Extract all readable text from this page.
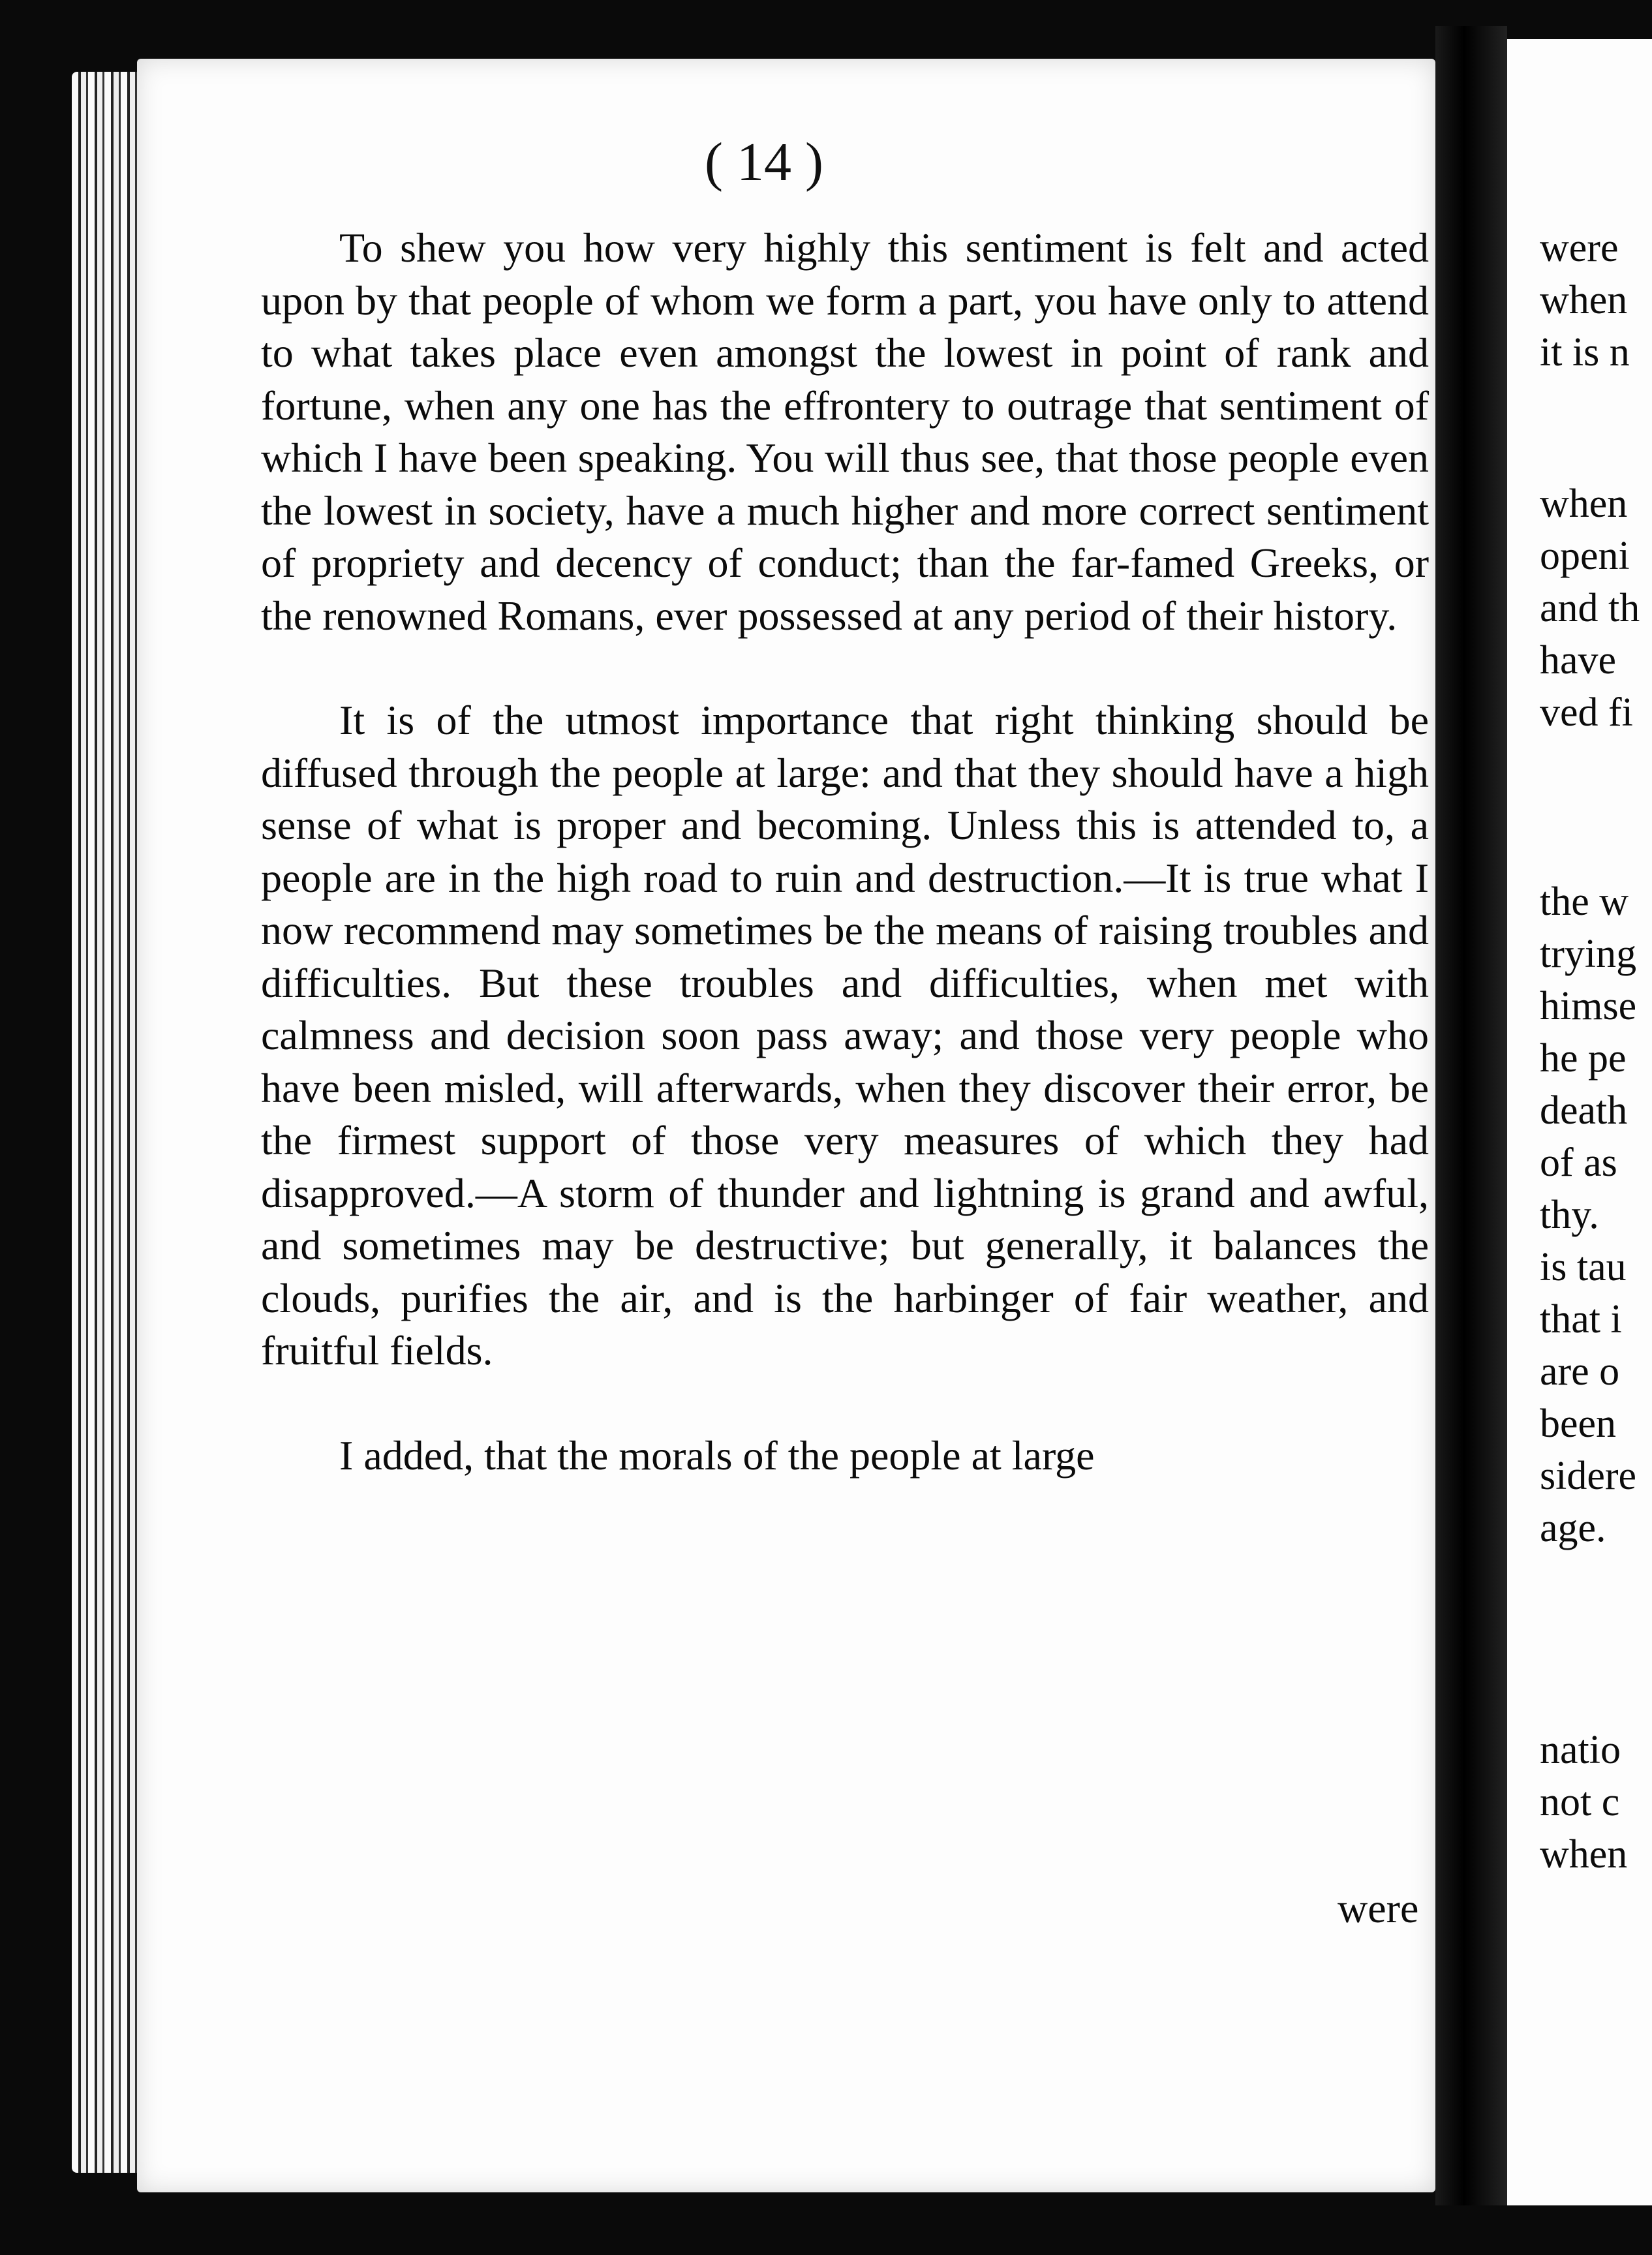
( 14 )

To shew you how very highly this sentiment is felt and acted upon by that people of whom we form a part, you have only to attend to what takes place even amongst the lowest in point of rank and fortune, when any one has the effrontery to outrage that sentiment of which I have been speaking. You will thus see, that those people even the lowest in society, have a much higher and more correct sentiment of propriety and decency of conduct; than the far-famed Greeks, or the renowned Romans, ever possessed at any period of their history.

It is of the utmost importance that right thinking should be diffused through the people at large: and that they should have a high sense of what is proper and becoming. Unless this is attended to, a people are in the high road to ruin and destruction.—It is true what I now recommend may sometimes be the means of raising troubles and difficulties. But these troubles and difficulties, when met with calmness and decision soon pass away; and those very people who have been misled, will afterwards, when they discover their error, be the firmest support of those very measures of which they had disapproved.—A storm of thunder and lightning is grand and awful, and sometimes may be destructive; but generally, it balances the clouds, purifies the air, and is the harbinger of fair weather, and fruitful fields.

I added, that the morals of the people at large

were
were
when
it is n
when
openi
and th
have
ved fi
the w
trying
himse
he pe
death
of as
thy.
is tau
that i
are o
been
sidere
age.
natio
not c
when
